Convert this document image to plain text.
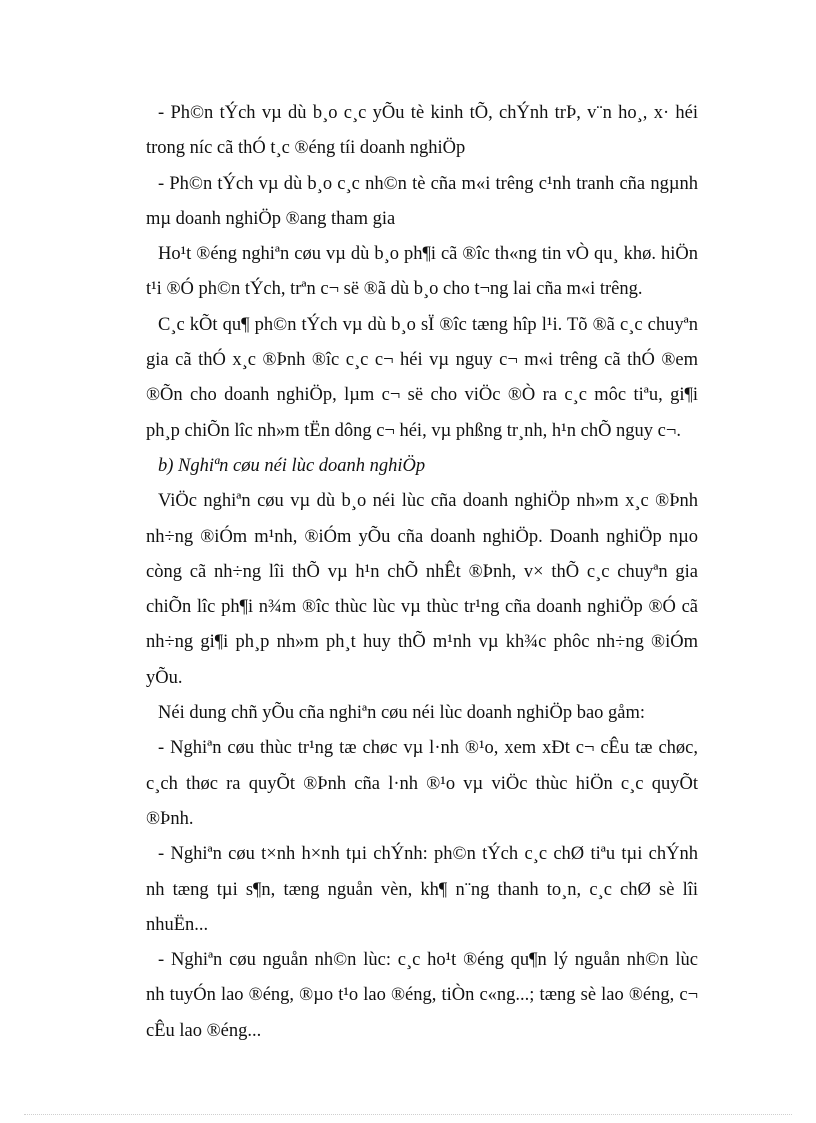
- Ph©n tÝch vµ dù b¸o c¸c yÕu tè kinh tÕ, chÝnh trÞ, v¨n ho¸, x· héi trong níc cã thÓ t¸c ®éng tíi doanh nghiÖp

- Ph©n tÝch vµ dù b¸o c¸c nh©n tè cña m«i trêng c¹nh tranh cña ngµnh mµ doanh nghiÖp ®ang tham gia

Ho¹t ®éng nghiªn cøu vµ dù b¸o ph¶i cã ®îc th«ng tin vÒ qu¸ khø. hiÖn t¹i ®Ó ph©n tÝch, trªn c¬ së ®ã dù b¸o cho t¬ng lai cña m«i trêng.

C¸c kÕt qu¶ ph©n tÝch vµ dù b¸o sÏ ®îc tæng hîp l¹i. Tõ ®ã c¸c chuyªn gia cã thÓ x¸c ®Þnh ®îc c¸c c¬ héi vµ nguy c¬ m«i trêng cã thÓ ®em ®Õn cho doanh nghiÖp, lµm c¬ së cho viÖc ®Ò ra c¸c môc tiªu, gi¶i ph¸p chiÕn lîc nh»m tËn dông c¬ héi, vµ phßng tr¸nh, h¹n chÕ nguy c¬.

b) Nghiªn cøu néi lùc doanh nghiÖp

ViÖc nghiªn cøu vµ dù b¸o néi lùc cña doanh nghiÖp nh»m x¸c ®Þnh nh÷ng ®iÓm m¹nh, ®iÓm yÕu cña doanh nghiÖp. Doanh nghiÖp nµo còng cã nh÷ng lîi thÕ vµ h¹n chÕ nhÊt ®Þnh, v× thÕ c¸c chuyªn gia chiÕn lîc ph¶i n¾m ®îc thùc lùc vµ thùc tr¹ng cña doanh nghiÖp ®Ó cã nh÷ng gi¶i ph¸p nh»m ph¸t huy thÕ m¹nh vµ kh¾c phôc nh÷ng ®iÓm yÕu.

Néi dung chñ yÕu cña nghiªn cøu néi lùc doanh nghiÖp bao gåm:

- Nghiªn cøu thùc tr¹ng tæ chøc vµ l·nh ®¹o, xem xÐt c¬ cÊu tæ chøc, c¸ch thøc ra quyÕt ®Þnh cña l·nh ®¹o vµ viÖc thùc hiÖn c¸c quyÕt ®Þnh.

- Nghiªn cøu t×nh h×nh tµi chÝnh: ph©n tÝch c¸c chØ tiªu tµi chÝnh nh tæng tµi s¶n, tæng nguån vèn, kh¶ n¨ng thanh to¸n, c¸c chØ sè lîi nhuËn...

- Nghiªn cøu nguån nh©n lùc: c¸c ho¹t ®éng qu¶n lý nguån nh©n lùc nh tuyÓn lao ®éng, ®µo t¹o lao ®éng, tiÒn c«ng...; tæng sè lao ®éng, c¬ cÊu lao ®éng...
